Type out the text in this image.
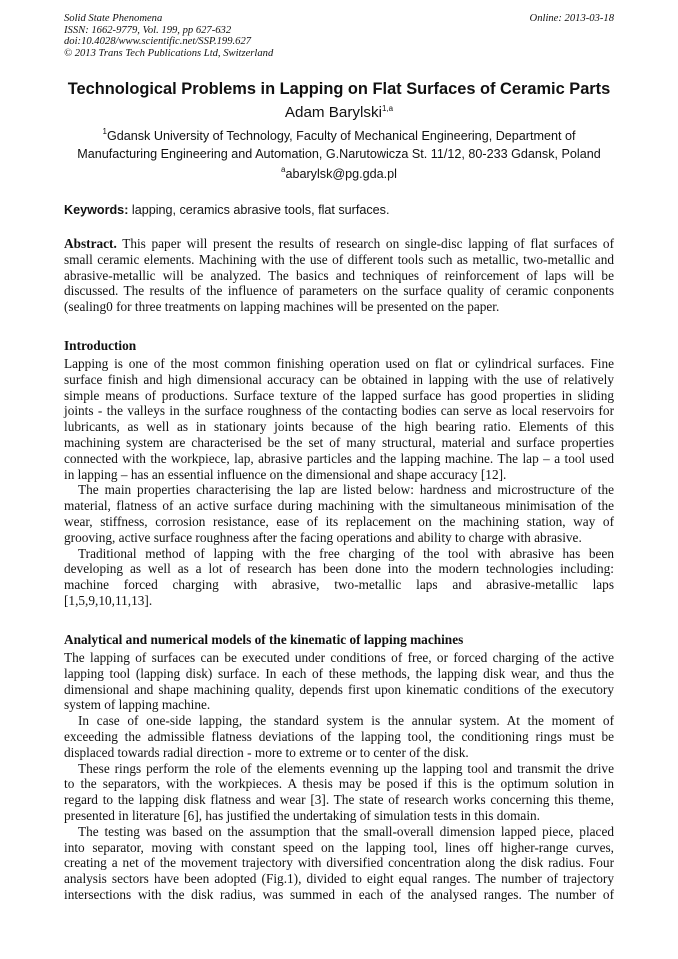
Solid State Phenomena
ISSN: 1662-9779, Vol. 199, pp 627-632
doi:10.4028/www.scientific.net/SSP.199.627
© 2013 Trans Tech Publications Ltd, Switzerland
Online: 2013-03-18
Technological Problems in Lapping on Flat Surfaces of Ceramic Parts
Adam Barylski$^{1,a}$
$^1$Gdansk University of Technology, Faculty of Mechanical Engineering, Department of
Manufacturing Engineering and Automation, G.Narutowicza St. 11/12, 80-233 Gdansk, Poland
$^a$abarylsk@pg.gda.pl
Keywords: lapping, ceramics abrasive tools, flat surfaces.
Abstract. This paper will present the results of research on single-disc lapping of flat surfaces of
small ceramic elements. Machining with the use of different tools such as metallic, two-metallic and
abrasive-metallic will be analyzed. The basics and techniques of reinforcement of laps will be
discussed. The results of the influence of parameters on the surface quality of ceramic conponents
(sealing0 for three treatments on lapping machines will be presented on the paper.
Introduction
Lapping is one of the most common finishing operation used on flat or cylindrical surfaces. Fine
surface finish and high dimensional accuracy can be obtained in lapping with the use of relatively
simple means of productions. Surface texture of the lapped surface has good properties in sliding
joints - the valleys in the surface roughness of the contacting bodies can serve as local reservoirs for
lubricants, as well as in stationary joints because of the high bearing ratio. Elements of this
machining system are characterised be the set of many structural, material and surface properties
connected with the workpiece, lap, abrasive particles and the lapping machine. The lap – a tool used
in lapping – has an essential influence on the dimensional and shape accuracy [12].
The main properties characterising the lap are listed below: hardness and microstructure of the
material, flatness of an active surface during machining with the simultaneous minimisation of the
wear, stiffness, corrosion resistance, ease of its replacement on the machining station, way of
grooving, active surface roughness after the facing operations and ability to charge with abrasive.
Traditional method of lapping with the free charging of the tool with abrasive has been
developing as well as a lot of research has been done into the modern technologies including:
machine forced charging with abrasive, two-metallic laps and abrasive-metallic laps
[1,5,9,10,11,13].
Analytical and numerical models of the kinematic of lapping machines
The lapping of surfaces can be executed under conditions of free, or forced charging of the active
lapping tool (lapping disk) surface. In each of these methods, the lapping disk wear, and thus the
dimensional and shape machining quality, depends first upon kinematic conditions of the executory
system of lapping machine.
In case of one-side lapping, the standard system is the annular system. At the moment of
exceeding the admissible flatness deviations of the lapping tool, the conditioning rings must be
displaced towards radial direction - more to extreme or to center of the disk.
These rings perform the role of the elements evenning up the lapping tool and transmit the drive
to the separators, with the workpieces. A thesis may be posed if this is the optimum solution in
regard to the lapping disk flatness and wear [3]. The state of research works concerning this theme,
presented in literature [6], has justified the undertaking of simulation tests in this domain.
The testing was based on the assumption that the small-overall dimension lapped piece, placed
into separator, moving with constant speed on the lapping tool, lines off higher-range curves,
creating a net of the movement trajectory with diversified concentration along the disk radius. Four
analysis sectors have been adopted (Fig.1), divided to eight equal ranges. The number of trajectory
intersections with the disk radius, was summed in each of the analysed ranges. The number of
